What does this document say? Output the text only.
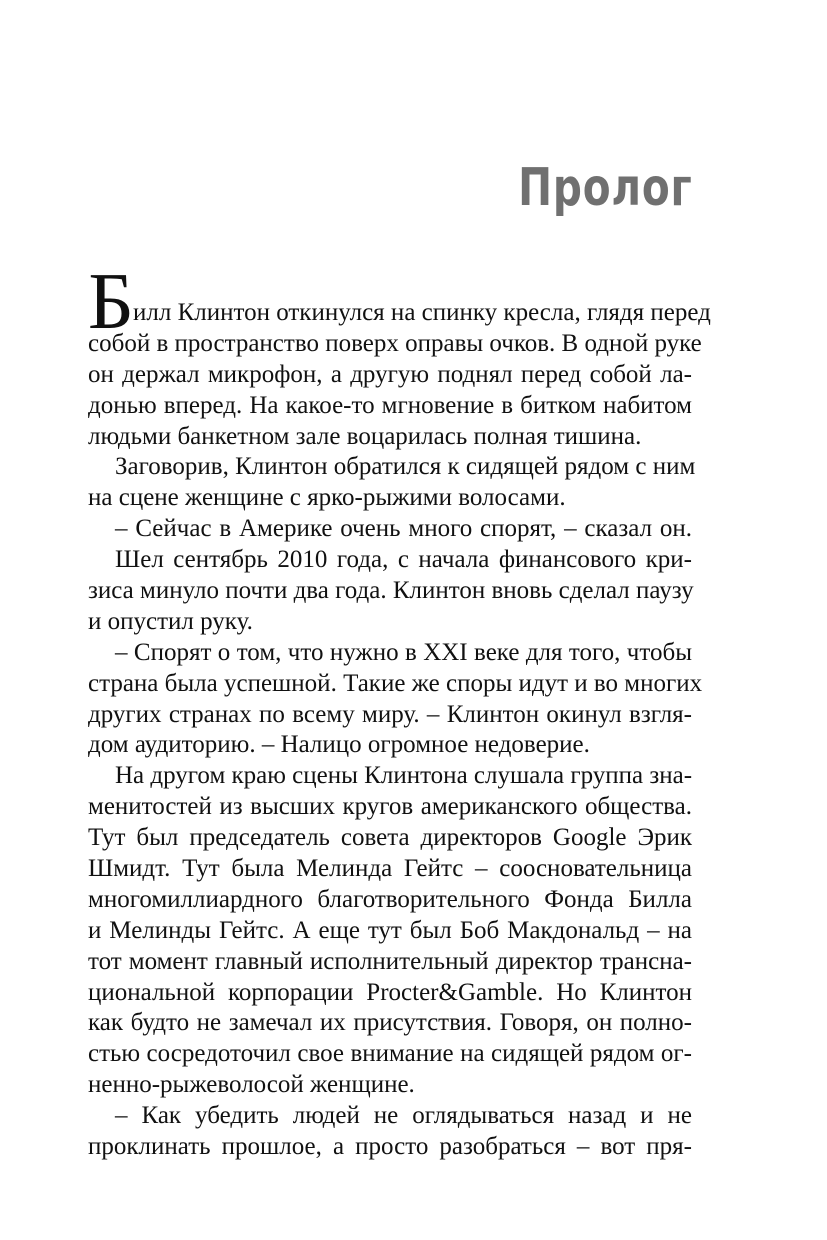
Пролог
Б илл Клинтон откинулся на спинку кресла, глядя перед
собой в пространство поверх оправы очков. В одной руке
он держал микрофон, а другую поднял перед собой ла-
донью вперед. На какое-то мгновение в битком набитом
людьми банкетном зале воцарилась полная тишина.
Заговорив, Клинтон обратился к сидящей рядом с ним
на сцене женщине с ярко-рыжими волосами.
– Сейчас в Америке очень много спорят, – сказал он.
Шел сентябрь 2010 года, с начала финансового кри-
зиса минуло почти два года. Клинтон вновь сделал паузу
и опустил руку.
– Спорят о том, что нужно в XXI веке для того, чтобы
страна была успешной. Такие же споры идут и во многих
других странах по всему миру. – Клинтон окинул взгля-
дом аудиторию. – Налицо огромное недоверие.
На другом краю сцены Клинтона слушала группа зна-
менитостей из высших кругов американского общества.
Тут был председатель совета директоров Google Эрик
Шмидт. Тут была Мелинда Гейтс – соосновательница
многомиллиардного благотворительного Фонда Билла
и Мелинды Гейтс. А еще тут был Боб Макдональд – на
тот момент главный исполнительный директор трансна-
циональной корпорации Procter&Gamble. Но Клинтон
как будто не замечал их присутствия. Говоря, он полно-
стью сосредоточил свое внимание на сидящей рядом ог-
ненно-рыжеволосой женщине.
– Как убедить людей не оглядываться назад и не
проклинать прошлое, а просто разобраться – вот пря-
